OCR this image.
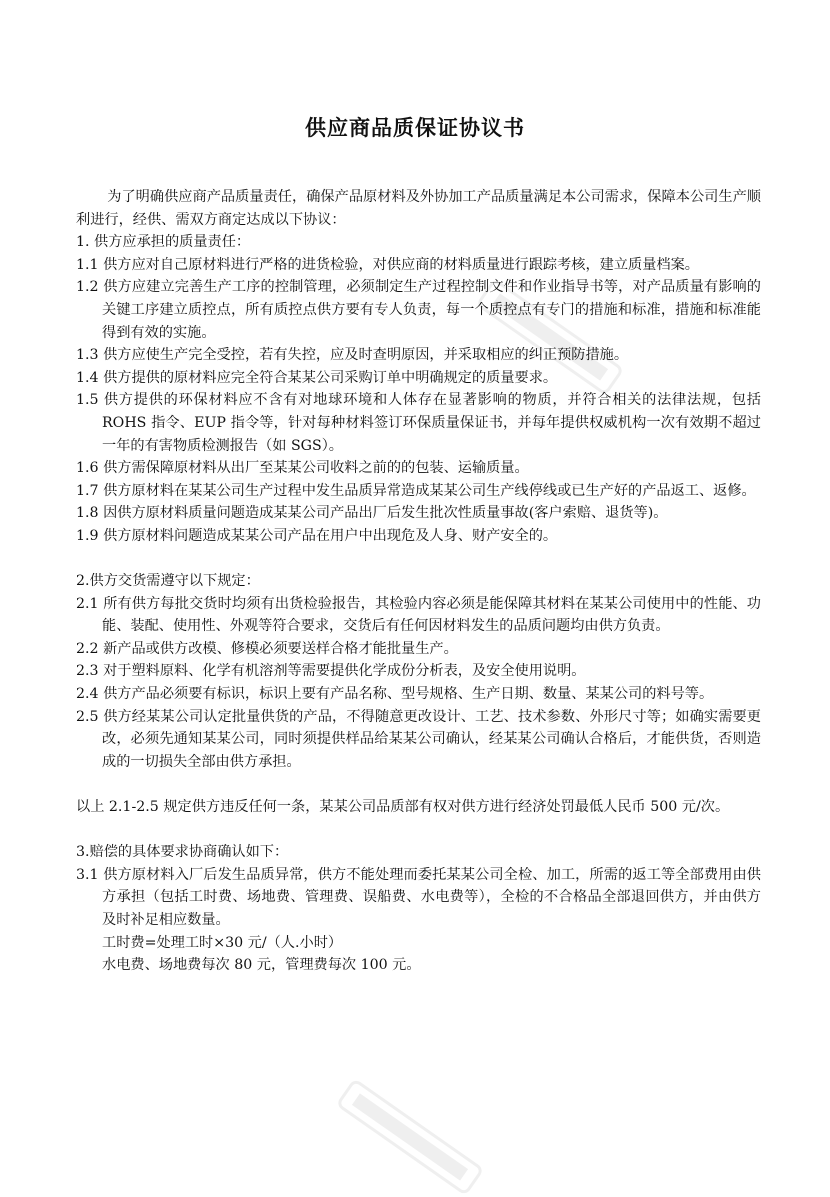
供应商品质保证协议书

为了明确供应商产品质量责任，确保产品原材料及外协加工产品质量满足本公司需求，保障本公司生产顺利进行，经供、需双方商定达成以下协议：

1. 供方应承担的质量责任：

1.1 供方应对自己原材料进行严格的进货检验，对供应商的材料质量进行跟踪考核，建立质量档案。

1.2 供方应建立完善生产工序的控制管理，必须制定生产过程控制文件和作业指导书等，对产品质量有影响的关键工序建立质控点，所有质控点供方要有专人负责，每一个质控点有专门的措施和标准，措施和标准能得到有效的实施。

1.3 供方应使生产完全受控，若有失控，应及时查明原因，并采取相应的纠正预防措施。

1.4 供方提供的原材料应完全符合某某公司采购订单中明确规定的质量要求。

1.5 供方提供的环保材料应不含有对地球环境和人体存在显著影响的物质，并符合相关的法律法规，包括 ROHS 指令、EUP 指令等，针对每种材料签订环保质量保证书，并每年提供权威机构一次有效期不超过一年的有害物质检测报告（如 SGS）。

1.6 供方需保障原材料从出厂至某某公司收料之前的的包装、运输质量。

1.7 供方原材料在某某公司生产过程中发生品质异常造成某某公司生产线停线或已生产好的产品返工、返修。

1.8 因供方原材料质量问题造成某某公司产品出厂后发生批次性质量事故(客户索赔、退货等)。

1.9 供方原材料问题造成某某公司产品在用户中出现危及人身、财产安全的。

2.供方交货需遵守以下规定：

2.1 所有供方每批交货时均须有出货检验报告，其检验内容必须是能保障其材料在某某公司使用中的性能、功能、装配、使用性、外观等符合要求，交货后有任何因材料发生的品质问题均由供方负责。

2.2 新产品或供方改模、修模必须要送样合格才能批量生产。

2.3 对于塑料原料、化学有机溶剂等需要提供化学成份分析表，及安全使用说明。

2.4 供方产品必须要有标识，标识上要有产品名称、型号规格、生产日期、数量、某某公司的料号等。

2.5 供方经某某公司认定批量供货的产品，不得随意更改设计、工艺、技术参数、外形尺寸等；如确实需要更改，必须先通知某某公司，同时须提供样品给某某公司确认，经某某公司确认合格后，才能供货，否则造成的一切损失全部由供方承担。

以上 2.1-2.5 规定供方违反任何一条，某某公司品质部有权对供方进行经济处罚最低人民币 500 元/次。

3.赔偿的具体要求协商确认如下：

3.1 供方原材料入厂后发生品质异常，供方不能处理而委托某某公司全检、加工，所需的返工等全部费用由供方承担（包括工时费、场地费、管理费、误船费、水电费等），全检的不合格品全部退回供方，并由供方及时补足相应数量。

工时费=处理工时×30 元/（人.小时）

水电费、场地费每次 80 元，管理费每次 100 元。
